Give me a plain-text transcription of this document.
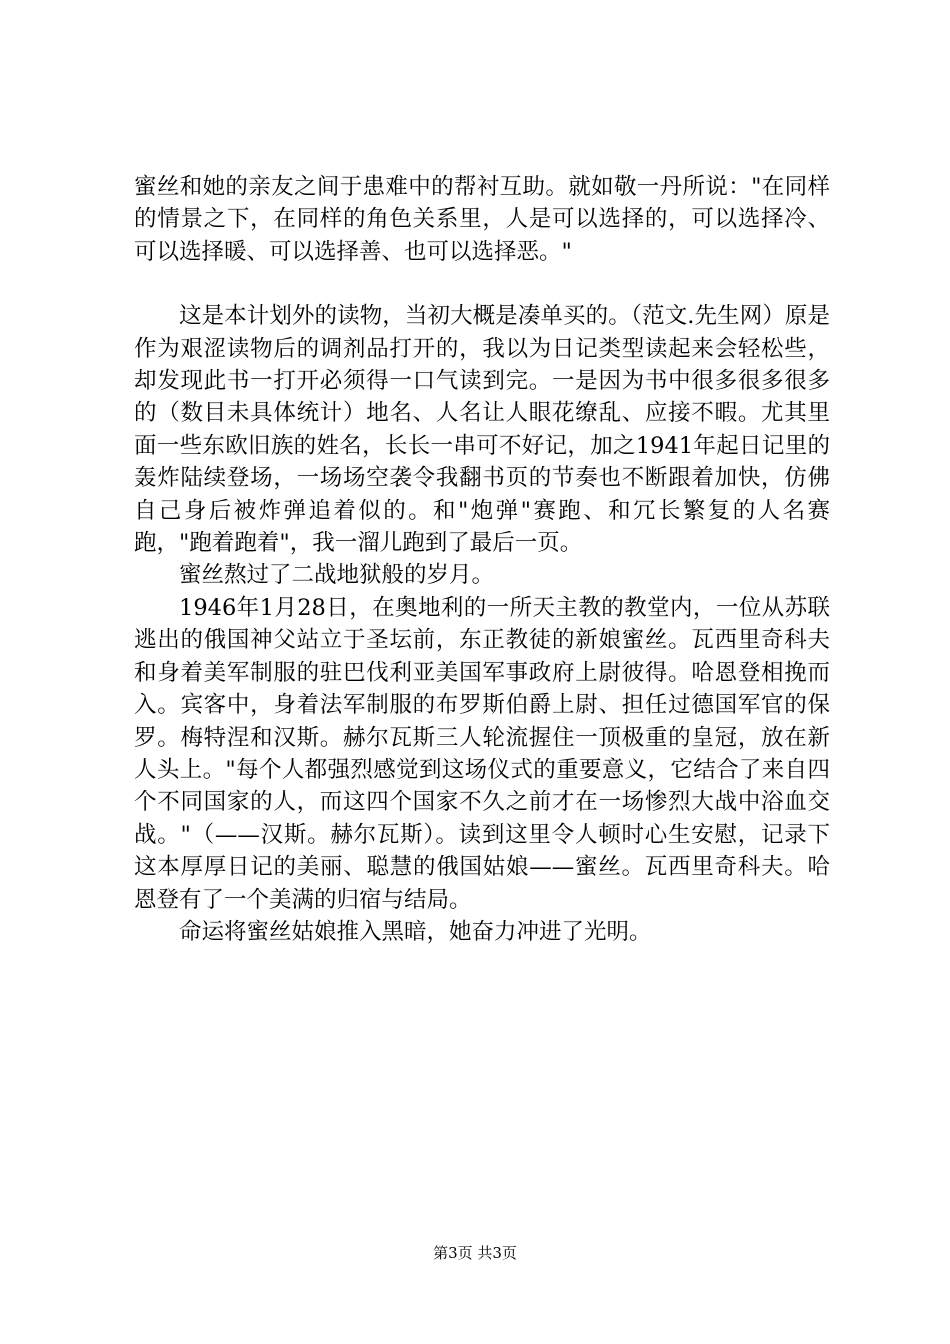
蜜丝和她的亲友之间于患难中的帮衬互助。就如敬一丹所说："在同样的情景之下，在同样的角色关系里，人是可以选择的，可以选择冷、可以选择暖、可以选择善、也可以选择恶。"

这是本计划外的读物，当初大概是凑单买的。（范文.先生网）原是作为艰涩读物后的调剂品打开的，我以为日记类型读起来会轻松些，却发现此书一打开必须得一口气读到完。一是因为书中很多很多很多的（数目未具体统计）地名、人名让人眼花缭乱、应接不暇。尤其里面一些东欧旧族的姓名，长长一串可不好记，加之1941年起日记里的轰炸陆续登场，一场场空袭令我翻书页的节奏也不断跟着加快，仿佛自己身后被炸弹追着似的。和"炮弹"赛跑、和冗长繁复的人名赛跑，"跑着跑着"，我一溜儿跑到了最后一页。

蜜丝熬过了二战地狱般的岁月。

1946年1月28日，在奥地利的一所天主教的教堂内，一位从苏联逃出的俄国神父站立于圣坛前，东正教徒的新娘蜜丝。瓦西里奇科夫和身着美军制服的驻巴伐利亚美国军事政府上尉彼得。哈恩登相挽而入。宾客中，身着法军制服的布罗斯伯爵上尉、担任过德国军官的保罗。梅特涅和汉斯。赫尔瓦斯三人轮流握住一顶极重的皇冠，放在新人头上。"每个人都强烈感觉到这场仪式的重要意义，它结合了来自四个不同国家的人，而这四个国家不久之前才在一场惨烈大战中浴血交战。"（——汉斯。赫尔瓦斯）。读到这里令人顿时心生安慰，记录下这本厚厚日记的美丽、聪慧的俄国姑娘——蜜丝。瓦西里奇科夫。哈恩登有了一个美满的归宿与结局。

命运将蜜丝姑娘推入黑暗，她奋力冲进了光明。

第3页 共3页
